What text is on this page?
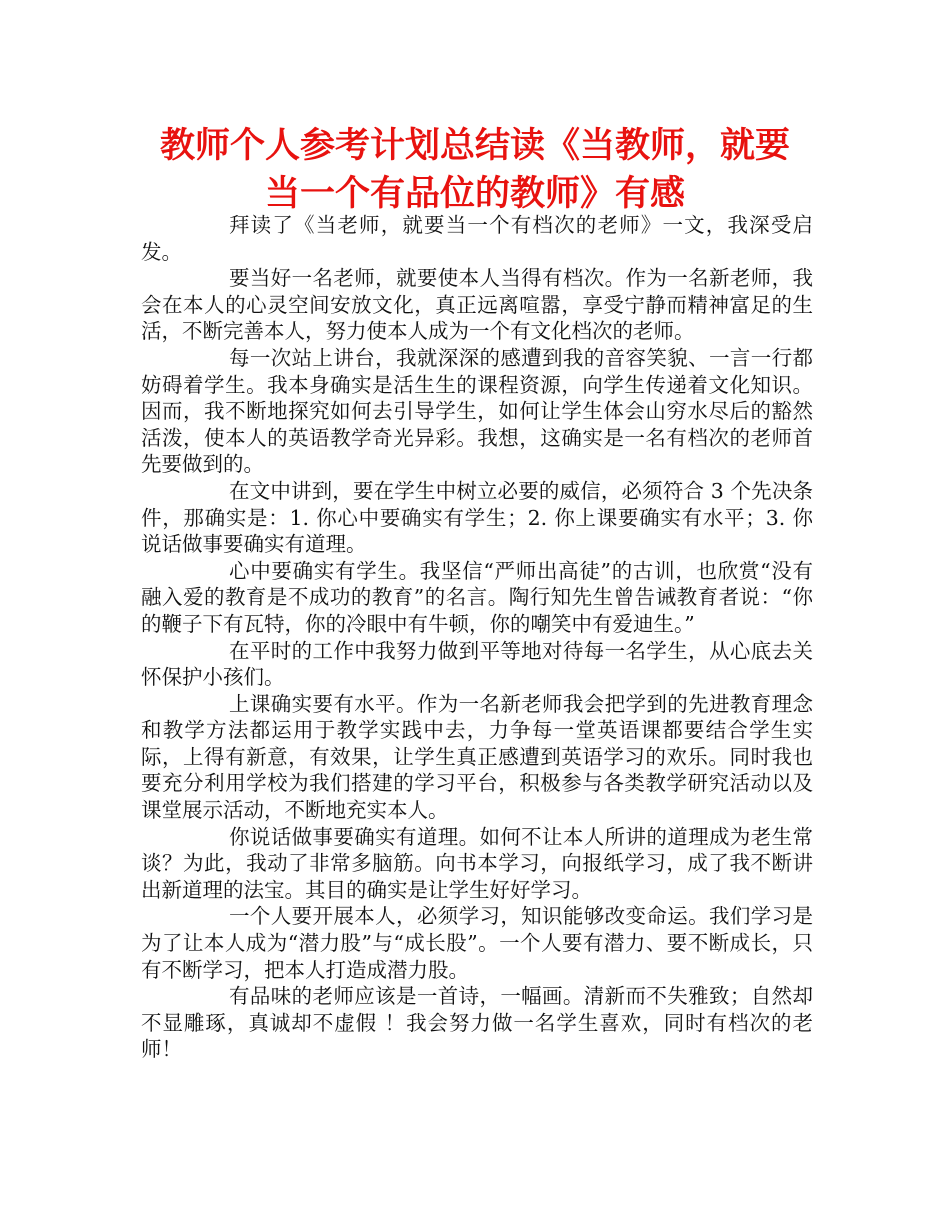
教师个人参考计划总结读《当教师，就要
当一个有品位的教师》有感

拜读了《当老师，就要当一个有档次的老师》一文，我深受启发。

要当好一名老师，就要使本人当得有档次。作为一名新老师，我会在本人的心灵空间安放文化，真正远离喧嚣，享受宁静而精神富足的生活，不断完善本人，努力使本人成为一个有文化档次的老师。

每一次站上讲台，我就深深的感遭到我的音容笑貌、一言一行都妨碍着学生。我本身确实是活生生的课程资源，向学生传递着文化知识。因而，我不断地探究如何去引导学生，如何让学生体会山穷水尽后的豁然活泼，使本人的英语教学奇光异彩。我想，这确实是一名有档次的老师首先要做到的。

在文中讲到，要在学生中树立必要的威信，必须符合 3 个先决条件，那确实是：1. 你心中要确实有学生；2. 你上课要确实有水平；3. 你说话做事要确实有道理。

心中要确实有学生。我坚信“严师出高徒”的古训，也欣赏“没有融入爱的教育是不成功的教育”的名言。陶行知先生曾告诫教育者说：“你的鞭子下有瓦特，你的冷眼中有牛顿，你的嘲笑中有爱迪生。”

在平时的工作中我努力做到平等地对待每一名学生，从心底去关怀保护小孩们。

上课确实要有水平。作为一名新老师我会把学到的先进教育理念和教学方法都运用于教学实践中去，力争每一堂英语课都要结合学生实际，上得有新意，有效果，让学生真正感遭到英语学习的欢乐。同时我也要充分利用学校为我们搭建的学习平台，积极参与各类教学研究活动以及课堂展示活动，不断地充实本人。

你说话做事要确实有道理。如何不让本人所讲的道理成为老生常谈？为此，我动了非常多脑筋。向书本学习，向报纸学习，成了我不断讲出新道理的法宝。其目的确实是让学生好好学习。

一个人要开展本人，必须学习，知识能够改变命运。我们学习是为了让本人成为“潜力股”与“成长股”。一个人要有潜力、要不断成长，只有不断学习，把本人打造成潜力股。

有品味的老师应该是一首诗，一幅画。清新而不失雅致；自然却不显雕琢，真诚却不虚假 ！我会努力做一名学生喜欢，同时有档次的老师！
